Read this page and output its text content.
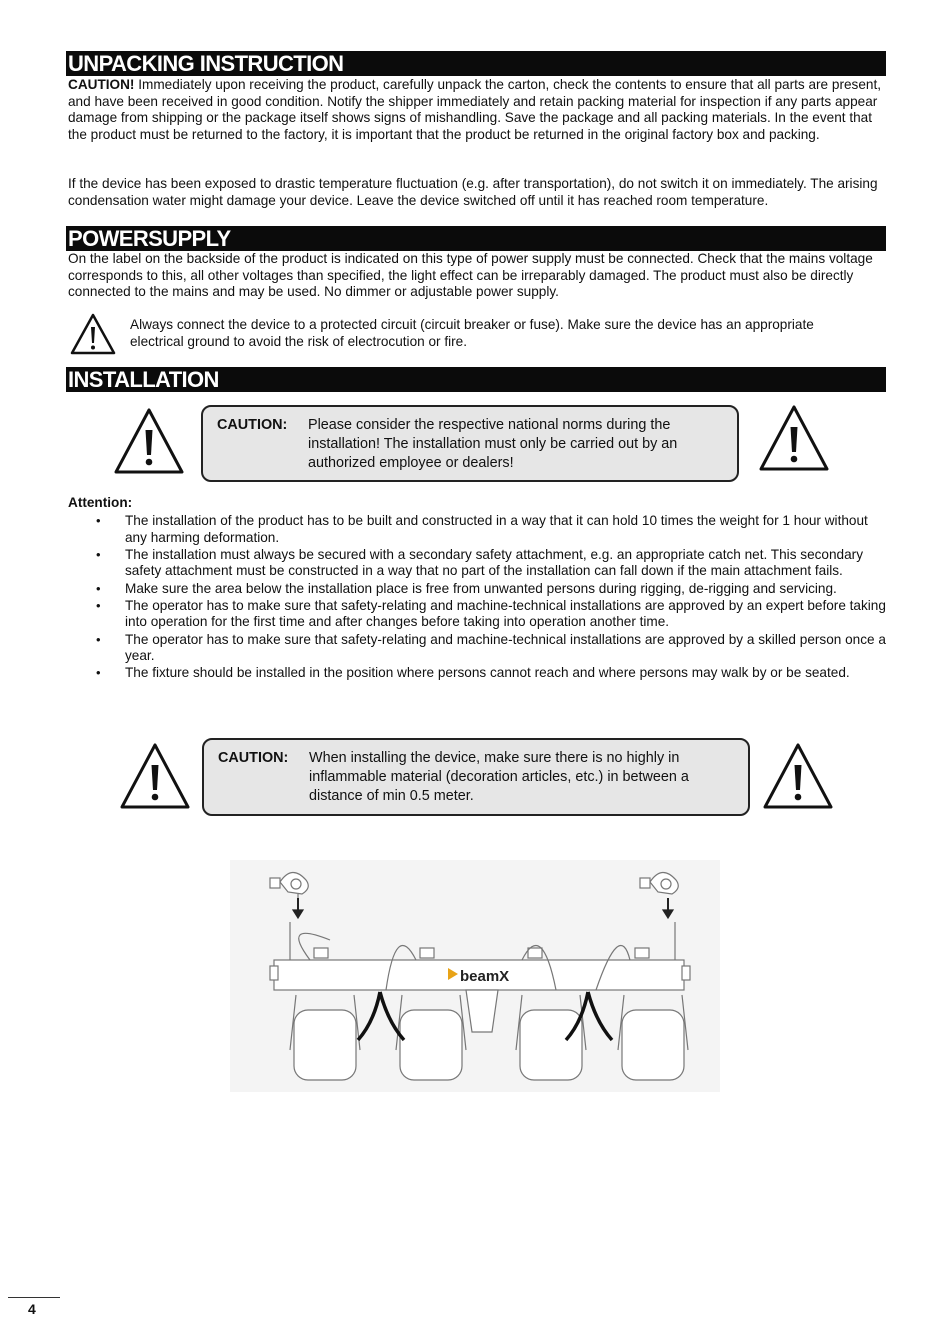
UNPACKING INSTRUCTION

CAUTION! Immediately upon receiving the product, carefully unpack the carton, check the contents to ensure that all parts are present, and have been received in good condition. Notify the shipper immediately and retain packing material for inspection if any parts appear damage from shipping or the package itself shows signs of mishandling. Save the package and all packing materials. In the event that the product must be returned to the factory, it is important that the product be returned in the original factory box and packing.

If the device has been exposed to drastic temperature fluctuation (e.g. after transportation), do not switch it on immediately. The arising condensation water might damage your device. Leave the device switched off until it has reached room temperature.

POWERSUPPLY

On the label on the backside of the product is indicated on this type of power supply must be connected. Check that the mains voltage corresponds to this, all other voltages than specified, the light effect can be irreparably damaged. The product must also be directly connected to the mains and may be used. No dimmer or adjustable power supply.

Always connect the device to a protected circuit (circuit breaker or fuse). Make sure the device has an appropriate electrical ground to avoid the risk of electrocution or fire.
INSTALLATION
CAUTION: Please consider the respective national norms during the installation! The installation must only be carried out by an authorized employee or dealers!
Attention:
• The installation of the product has to be built and constructed in a way that it can hold 10 times the weight for 1 hour without any harming deformation.
• The installation must always be secured with a secondary safety attachment, e.g. an appropriate catch net. This secondary safety attachment must be constructed in a way that no part of the installation can fall down if the main attachment fails.
• Make sure the area below the installation place is free from unwanted persons during rigging, de-rigging and servicing.
• The operator has to make sure that safety-relating and machine-technical installations are approved by an expert before taking into operation for the first time and after changes before taking into operation another time.
• The operator has to make sure that safety-relating and machine-technical installations are approved by a skilled person once a year.
• The fixture should be installed in the position where persons cannot reach and where persons may walk by or be seated.
CAUTION: When installing the device, make sure there is no highly in inflammable material (decoration articles, etc.) in between a distance of min 0.5 meter.
beamX
4
